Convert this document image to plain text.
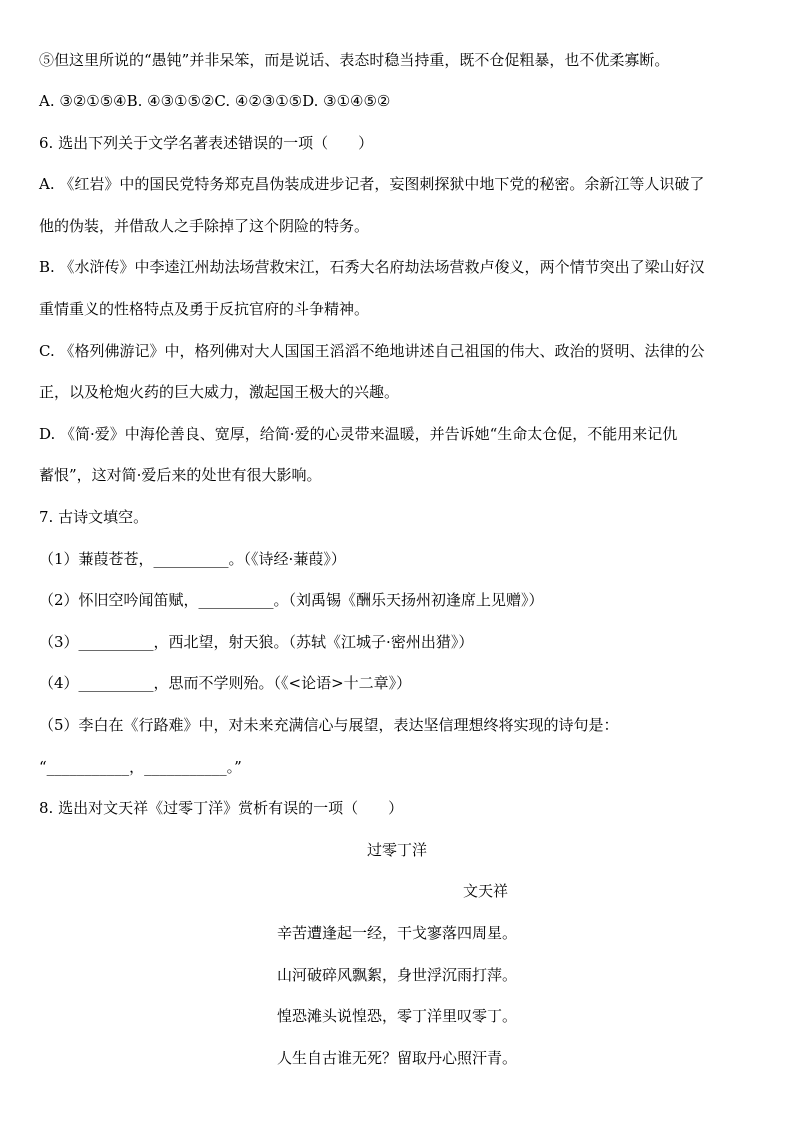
⑤但这里所说的“愚钝”并非呆笨，而是说话、表态时稳当持重，既不仓促粗暴，也不优柔寡断。
A. ③②①⑤④B. ④③①⑤②C. ④②③①⑤D. ③①④⑤②
6. 选出下列关于文学名著表述错误的一项（　　）
A. 《红岩》中的国民党特务郑克昌伪装成进步记者，妄图刺探狱中地下党的秘密。余新江等人识破了
他的伪装，并借敌人之手除掉了这个阴险的特务。
B. 《水浒传》中李逵江州劫法场营救宋江，石秀大名府劫法场营救卢俊义，两个情节突出了梁山好汉
重情重义的性格特点及勇于反抗官府的斗争精神。
C. 《格列佛游记》中，格列佛对大人国国王滔滔不绝地讲述自己祖国的伟大、政治的贤明、法律的公
正，以及枪炮火药的巨大威力，激起国王极大的兴趣。
D. 《简·爱》中海伦善良、宽厚，给简·爱的心灵带来温暖，并告诉她“生命太仓促，不能用来记仇
蓄恨”，这对简·爱后来的处世有很大影响。
7. 古诗文填空。
（1）蒹葭苍苍，__________。（《诗经·蒹葭》）
（2）怀旧空吟闻笛赋，__________。（刘禹锡《酬乐天扬州初逢席上见赠》）
（3）__________，西北望，射天狼。（苏轼《江城子·密州出猎》）
（4）__________，思而不学则殆。（《<论语>十二章》）
（5）李白在《行路难》中，对未来充满信心与展望，表达坚信理想终将实现的诗句是：
“___________，___________。”
8. 选出对文天祥《过零丁洋》赏析有误的一项（　　）
过零丁洋
文天祥
辛苦遭逢起一经，干戈寥落四周星。
山河破碎风飘絮，身世浮沉雨打萍。
惶恐滩头说惶恐，零丁洋里叹零丁。
人生自古谁无死？留取丹心照汗青。
